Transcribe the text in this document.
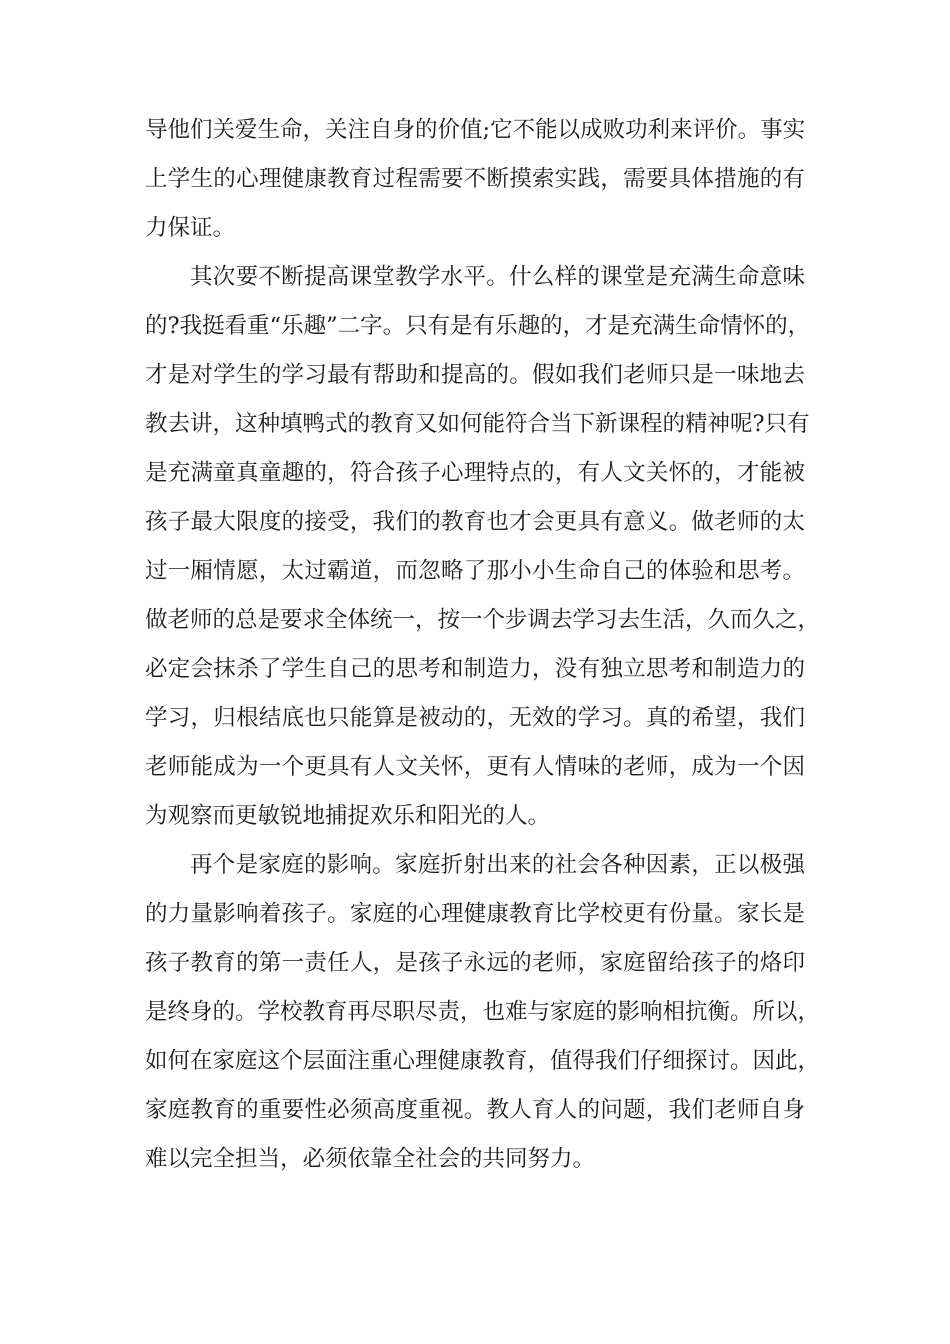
导他们关爱生命，关注自身的价值;它不能以成败功利来评价。事实
上学生的心理健康教育过程需要不断摸索实践，需要具体措施的有
力保证。
其次要不断提高课堂教学水平。什么样的课堂是充满生命意味
的?我挺看重“乐趣”二字。只有是有乐趣的，才是充满生命情怀的，
才是对学生的学习最有帮助和提高的。假如我们老师只是一味地去
教去讲，这种填鸭式的教育又如何能符合当下新课程的精神呢?只有
是充满童真童趣的，符合孩子心理特点的，有人文关怀的，才能被
孩子最大限度的接受，我们的教育也才会更具有意义。做老师的太
过一厢情愿，太过霸道，而忽略了那小小生命自己的体验和思考。
做老师的总是要求全体统一，按一个步调去学习去生活，久而久之，
必定会抹杀了学生自己的思考和制造力，没有独立思考和制造力的
学习，归根结底也只能算是被动的，无效的学习。真的希望，我们
老师能成为一个更具有人文关怀，更有人情味的老师，成为一个因
为观察而更敏锐地捕捉欢乐和阳光的人。
再个是家庭的影响。家庭折射出来的社会各种因素，正以极强
的力量影响着孩子。家庭的心理健康教育比学校更有份量。家长是
孩子教育的第一责任人，是孩子永远的老师，家庭留给孩子的烙印
是终身的。学校教育再尽职尽责，也难与家庭的影响相抗衡。所以，
如何在家庭这个层面注重心理健康教育，值得我们仔细探讨。因此，
家庭教育的重要性必须高度重视。教人育人的问题，我们老师自身
难以完全担当，必须依靠全社会的共同努力。
